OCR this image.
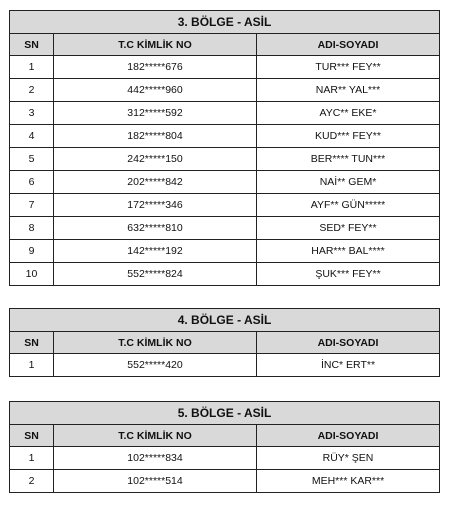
3. BÖLGE - ASİL		
SN	T.C KİMLİK NO	ADI-SOYADI
1	182*****676	TUR*** FEY**
2	442*****960	NAR** YAL***
3	312*****592	AYC** EKE*
4	182*****804	KUD*** FEY**
5	242*****150	BER**** TUN***
6	202*****842	NAİ** GEM*
7	172*****346	AYF** GÜN*****
8	632*****810	SED* FEY**
9	142*****192	HAR*** BAL****
10	552*****824	ŞUK*** FEY**
4. BÖLGE - ASİL		
SN	T.C KİMLİK NO	ADI-SOYADI
1	552*****420	İNC* ERT**
5. BÖLGE - ASİL		
SN	T.C KİMLİK NO	ADI-SOYADI
1	102*****834	RÜY* ŞEN
2	102*****514	MEH*** KAR***
